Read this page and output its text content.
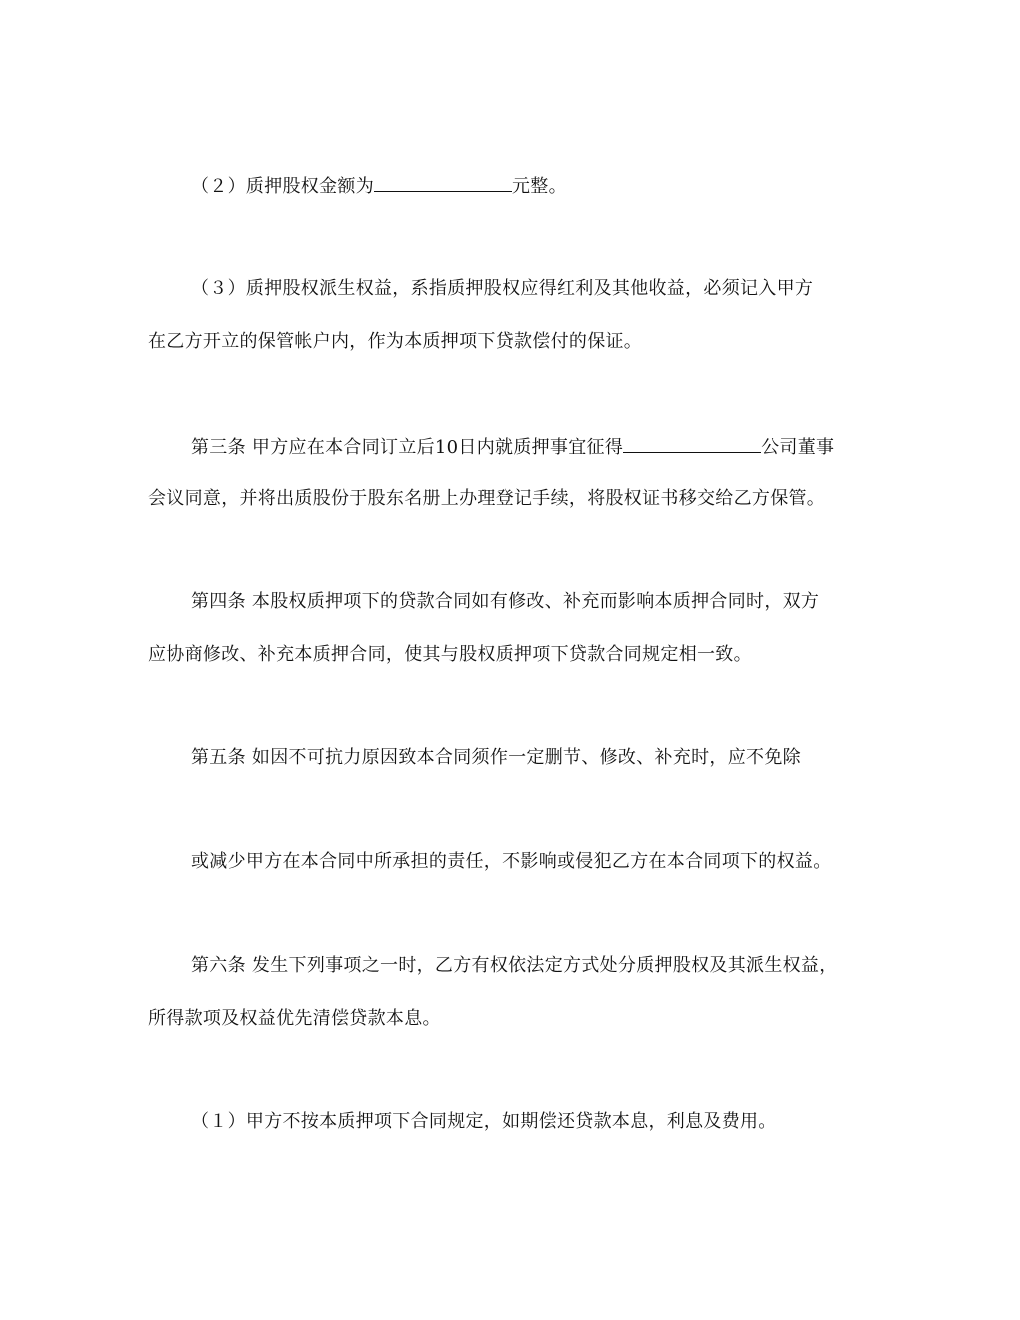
（２）质押股权金额为	元整。
（３）质押股权派生权益，系指质押股权应得红利及其他收益，必须记入甲方
在乙方开立的保管帐户内，作为本质押项下贷款偿付的保证。
第三条 甲方应在本合同订立后10日内就质押事宜征得	公司董事
会议同意，并将出质股份于股东名册上办理登记手续，将股权证书移交给乙方保管。
第四条 本股权质押项下的贷款合同如有修改、补充而影响本质押合同时，双方
应协商修改、补充本质押合同，使其与股权质押项下贷款合同规定相一致。
第五条 如因不可抗力原因致本合同须作一定删节、修改、补充时，应不免除
或减少甲方在本合同中所承担的责任，不影响或侵犯乙方在本合同项下的权益。
第六条 发生下列事项之一时，乙方有权依法定方式处分质押股权及其派生权益，
所得款项及权益优先清偿贷款本息。
（１）甲方不按本质押项下合同规定，如期偿还贷款本息，利息及费用。
